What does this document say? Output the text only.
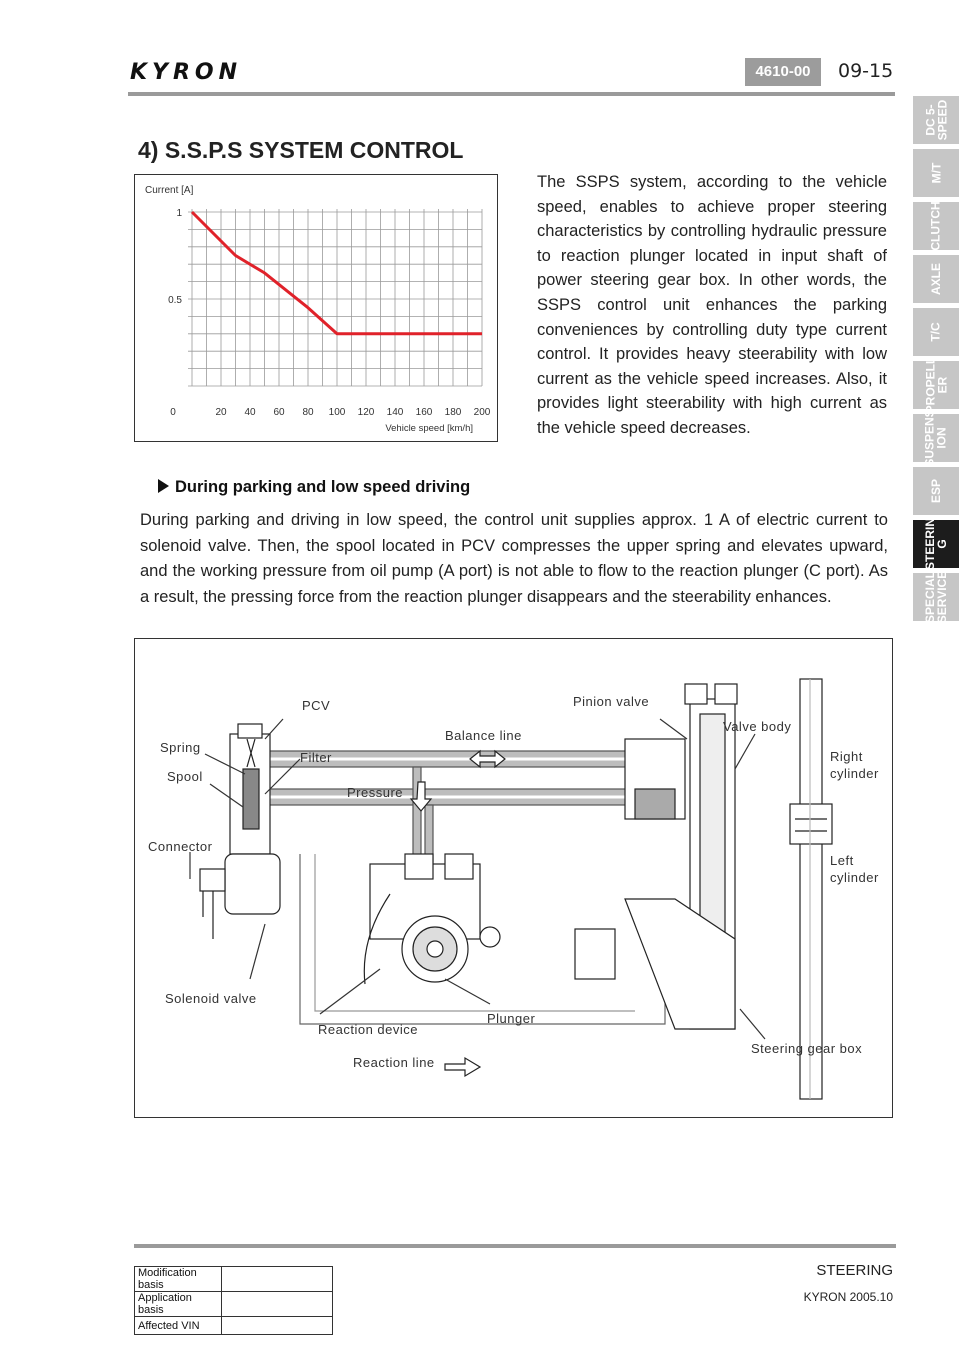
KYRON	4610-00	09-15
DC 5-
SPEED
M/T
CLUTCH
AXLE
T/C
PROPELL
ER
SUSPENS
ION
ESP
STEERIN
G
SPECIAL
SERVICE
4) S.S.P.S SYSTEM CONTROL
Current [A]
1
0.5
0	20 40 60 80 100 120 140 160 180 200
Vehicle speed [km/h]
The SSPS system, according to the vehicle speed, enables to achieve proper steering characteristics by controlling hydraulic pressure to reaction plunger located in input shaft of power steering gear box. In other words, the SSPS control unit enhances the parking conveniences by controlling duty type current control. It provides heavy steerability with low current as the vehicle speed increases. Also, it provides light steerability with high current as the vehicle speed decreases.
During parking and low speed driving
During parking and driving in low speed, the control unit supplies approx. 1 A of electric current to solenoid valve. Then, the spool located in PCV compresses the upper spring and elevates upward, and the working pressure from oil pump (A port) is not able to flow to the reaction plunger (C port). As a result, the pressing force from the reaction plunger disappears and the steerability enhances.
PCV
Spring
Filter
Spool
Connector
Solenoid valve
Balance line
Pressure
Pinion valve
Valve body
Right
cylinder
Left
cylinder
Plunger
Reaction device
Reaction line
Steering gear box
STEERING
KYRON 2005.10
Modification basis	
Application basis	
Affected VIN	
